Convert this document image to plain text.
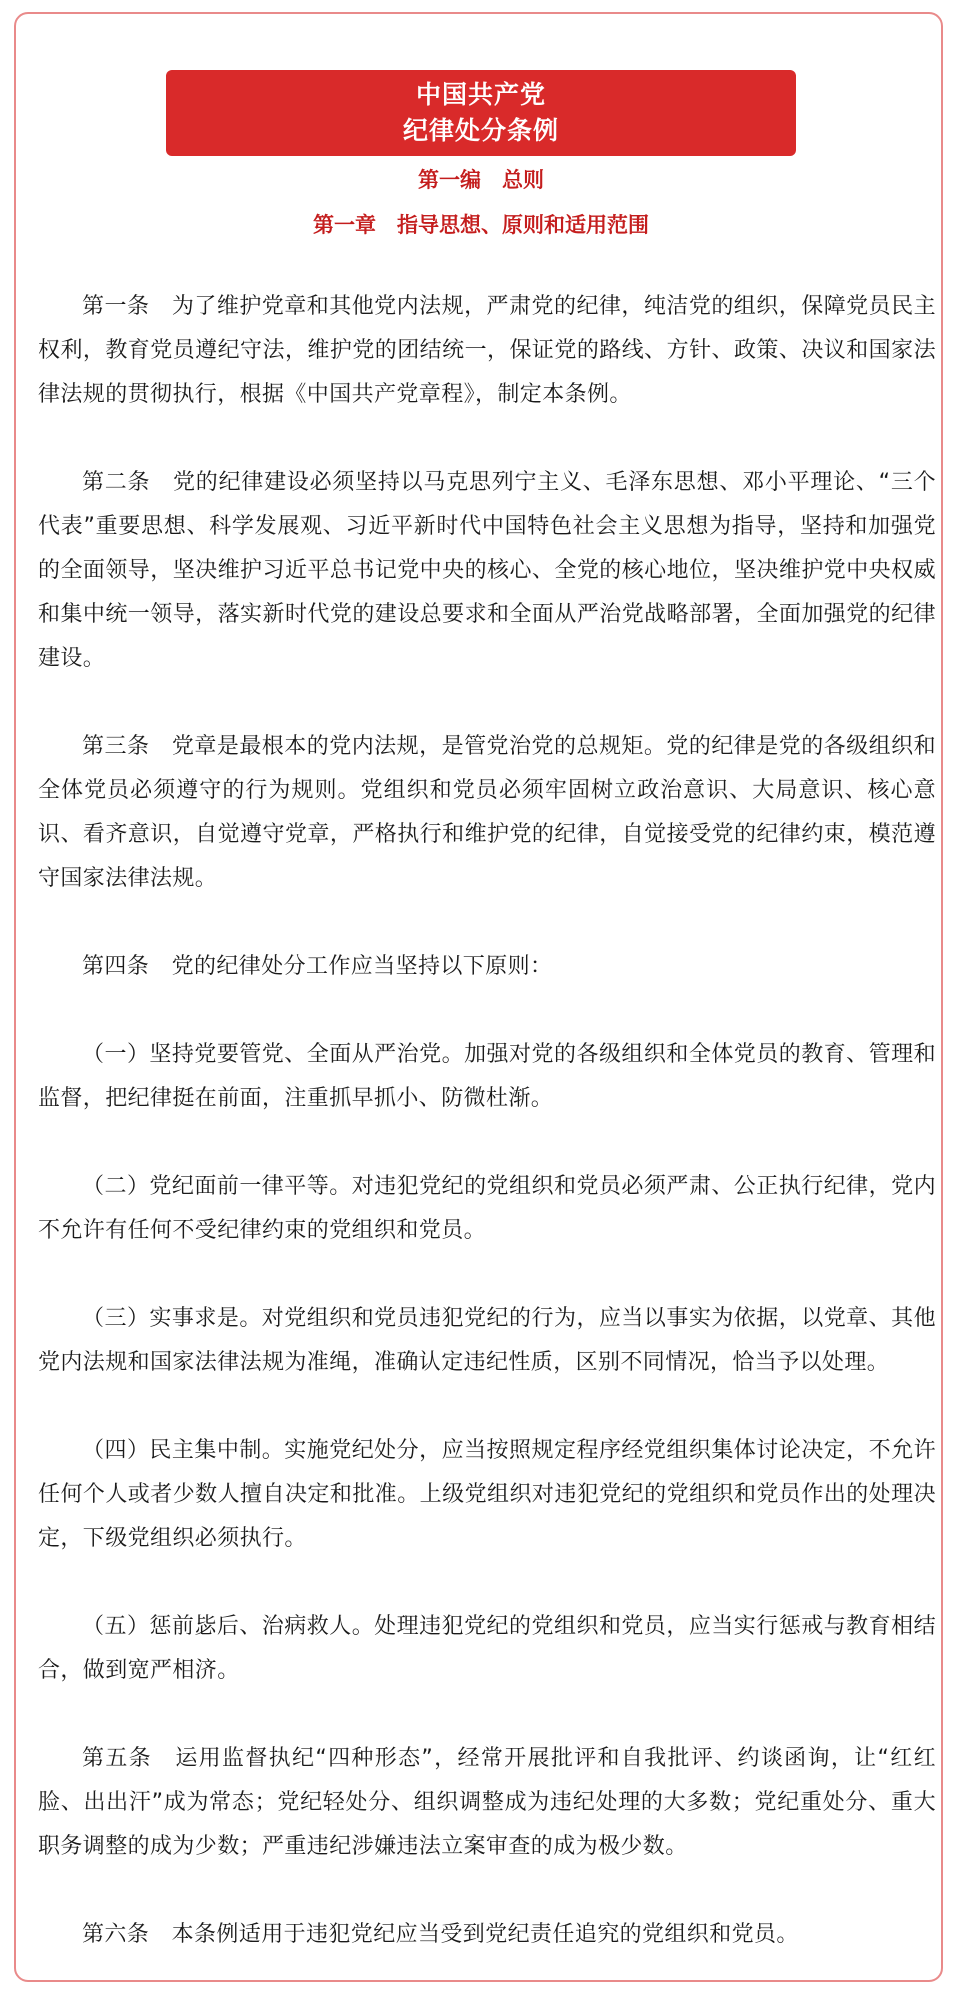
中国共产党
纪律处分条例
第一编　总则
第一章　指导思想、原则和适用范围

第一条　为了维护党章和其他党内法规，严肃党的纪律，纯洁党的组织，保障党员民主权利，教育党员遵纪守法，维护党的团结统一，保证党的路线、方针、政策、决议和国家法律法规的贯彻执行，根据《中国共产党章程》，制定本条例。

第二条　党的纪律建设必须坚持以马克思列宁主义、毛泽东思想、邓小平理论、“三个代表”重要思想、科学发展观、习近平新时代中国特色社会主义思想为指导，坚持和加强党的全面领导，坚决维护习近平总书记党中央的核心、全党的核心地位，坚决维护党中央权威和集中统一领导，落实新时代党的建设总要求和全面从严治党战略部署，全面加强党的纪律建设。

第三条　党章是最根本的党内法规，是管党治党的总规矩。党的纪律是党的各级组织和全体党员必须遵守的行为规则。党组织和党员必须牢固树立政治意识、大局意识、核心意识、看齐意识，自觉遵守党章，严格执行和维护党的纪律，自觉接受党的纪律约束，模范遵守国家法律法规。

第四条　党的纪律处分工作应当坚持以下原则：

（一）坚持党要管党、全面从严治党。加强对党的各级组织和全体党员的教育、管理和监督，把纪律挺在前面，注重抓早抓小、防微杜渐。

（二）党纪面前一律平等。对违犯党纪的党组织和党员必须严肃、公正执行纪律，党内不允许有任何不受纪律约束的党组织和党员。

（三）实事求是。对党组织和党员违犯党纪的行为，应当以事实为依据，以党章、其他党内法规和国家法律法规为准绳，准确认定违纪性质，区别不同情况，恰当予以处理。

（四）民主集中制。实施党纪处分，应当按照规定程序经党组织集体讨论决定，不允许任何个人或者少数人擅自决定和批准。上级党组织对违犯党纪的党组织和党员作出的处理决定，下级党组织必须执行。

（五）惩前毖后、治病救人。处理违犯党纪的党组织和党员，应当实行惩戒与教育相结合，做到宽严相济。

第五条　运用监督执纪“四种形态”，经常开展批评和自我批评、约谈函询，让“红红脸、出出汗”成为常态；党纪轻处分、组织调整成为违纪处理的大多数；党纪重处分、重大职务调整的成为少数；严重违纪涉嫌违法立案审查的成为极少数。

第六条　本条例适用于违犯党纪应当受到党纪责任追究的党组织和党员。
